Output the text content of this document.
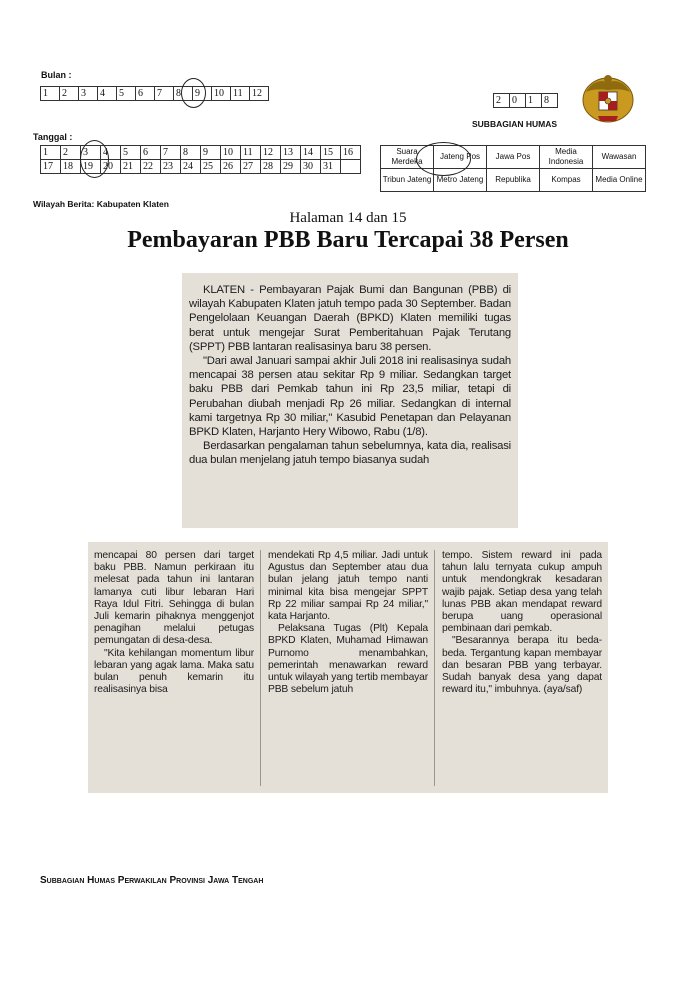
Bulan :
1	2	3	4	5	6	7	8	9	10	11	12
2	0	1	8
SUBBAGIAN HUMAS
Tanggal :
1	2	3	4	5	6	7	8	9	10	11	12	13	14	15	16
17	18	19	20	21	22	23	24	25	26	27	28	29	30	31	
Suara Merdeka	Jateng Pos	Jawa Pos	Media Indonesia	Wawasan
Tribun Jateng	Metro Jateng	Republika	Kompas	Media Online
Wilayah Berita: Kabupaten Klaten
Halaman 14 dan 15
Pembayaran PBB Baru Tercapai 38 Persen

KLATEN - Pembayaran Pajak Bumi dan Bangunan (PBB) di wilayah Kabupaten Klaten jatuh tempo pada 30 September. Badan Pengelolaan Keuangan Daerah (BPKD) Klaten memiliki tugas berat untuk mengejar Surat Pemberitahuan Pajak Terutang (SPPT) PBB lantaran realisasinya baru 38 persen.

"Dari awal Januari sampai akhir Juli 2018 ini realisasinya sudah mencapai 38 persen atau sekitar Rp 9 miliar. Sedangkan target baku PBB dari Pemkab tahun ini Rp 23,5 miliar, tetapi di Perubahan diubah menjadi Rp 26 miliar. Sedangkan di internal kami targetnya Rp 30 miliar," Kasubid Penetapan dan Pelayanan BPKD Klaten, Harjanto Hery Wibowo, Rabu (1/8).

Berdasarkan pengalaman tahun sebelumnya, kata dia, realisasi dua bulan menjelang jatuh tempo biasanya sudah

mencapai 80 persen dari target baku PBB. Namun perkiraan itu melesat pada tahun ini lantaran lamanya cuti libur lebaran Hari Raya Idul Fitri. Sehingga di bulan Juli kemarin pihaknya menggenjot penagihan melalui petugas pemungatan di desa-desa.

"Kita kehilangan momentum libur lebaran yang agak lama. Maka satu bulan penuh kemarin itu realisasinya bisa

mendekati Rp 4,5 miliar. Jadi untuk Agustus dan September atau dua bulan jelang jatuh tempo nanti minimal kita bisa mengejar SPPT Rp 22 miliar sampai Rp 24 miliar," kata Harjanto.

Pelaksana Tugas (Plt) Kepala BPKD Klaten, Muhamad Himawan Purnomo menambahkan, pemerintah menawarkan reward untuk wilayah yang tertib membayar PBB sebelum jatuh

tempo. Sistem reward ini pada tahun lalu ternyata cukup ampuh untuk mendongkrak kesadaran wajib pajak. Setiap desa yang telah lunas PBB akan mendapat reward berupa uang operasional pembinaan dari pemkab.

"Besarannya berapa itu beda-beda. Tergantung kapan membayar dan besaran PBB yang terbayar. Sudah banyak desa yang dapat reward itu," imbuhnya. (aya/saf)

Subbagian Humas Perwakilan Provinsi Jawa Tengah
